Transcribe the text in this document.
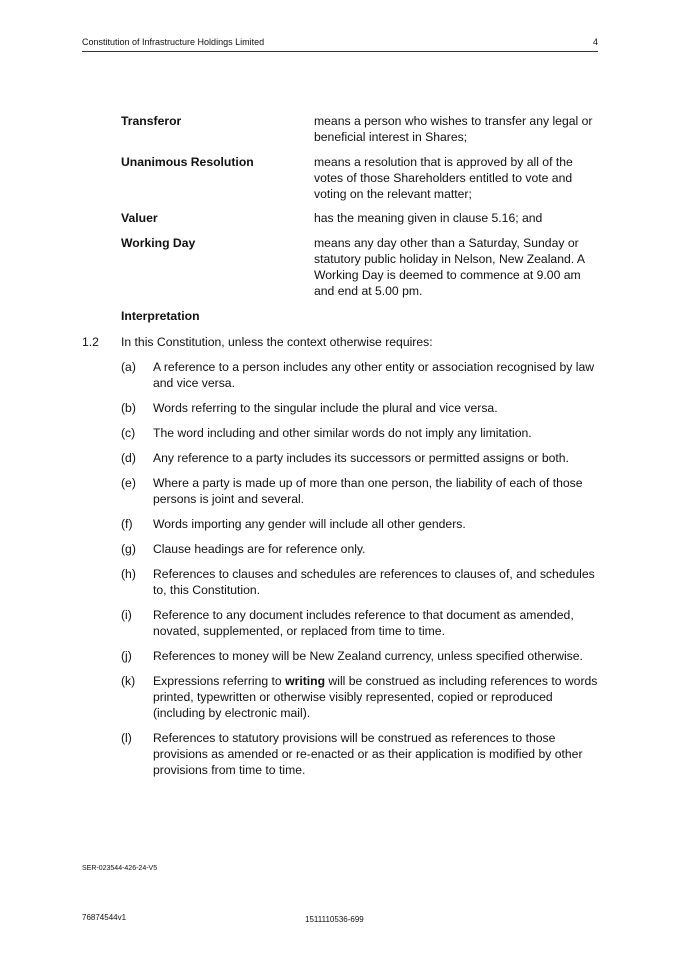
Constitution of Infrastructure Holdings Limited	4
Transferor	means a person who wishes to transfer any legal or beneficial interest in Shares;
Unanimous Resolution	means a resolution that is approved by all of the votes of those Shareholders entitled to vote and voting on the relevant matter;
Valuer	has the meaning given in clause 5.16; and
Working Day	means any day other than a Saturday, Sunday or statutory public holiday in Nelson, New Zealand. A Working Day is deemed to commence at 9.00 am and end at 5.00 pm.
Interpretation
1.2 In this Constitution, unless the context otherwise requires:
(a)	A reference to a person includes any other entity or association recognised by law and vice versa.
(b)	Words referring to the singular include the plural and vice versa.
(c)	The word including and other similar words do not imply any limitation.
(d)	Any reference to a party includes its successors or permitted assigns or both.
(e)	Where a party is made up of more than one person, the liability of each of those persons is joint and several.
(f)	Words importing any gender will include all other genders.
(g)	Clause headings are for reference only.
(h)	References to clauses and schedules are references to clauses of, and schedules to, this Constitution.
(i)	Reference to any document includes reference to that document as amended, novated, supplemented, or replaced from time to time.
(j)	References to money will be New Zealand currency, unless specified otherwise.
(k)	Expressions referring to writing will be construed as including references to words printed, typewritten or otherwise visibly represented, copied or reproduced (including by electronic mail).
(l)	References to statutory provisions will be construed as references to those provisions as amended or re-enacted or as their application is modified by other provisions from time to time.
SER-023544-426-24-V5
76874544v1	1511110536-699
